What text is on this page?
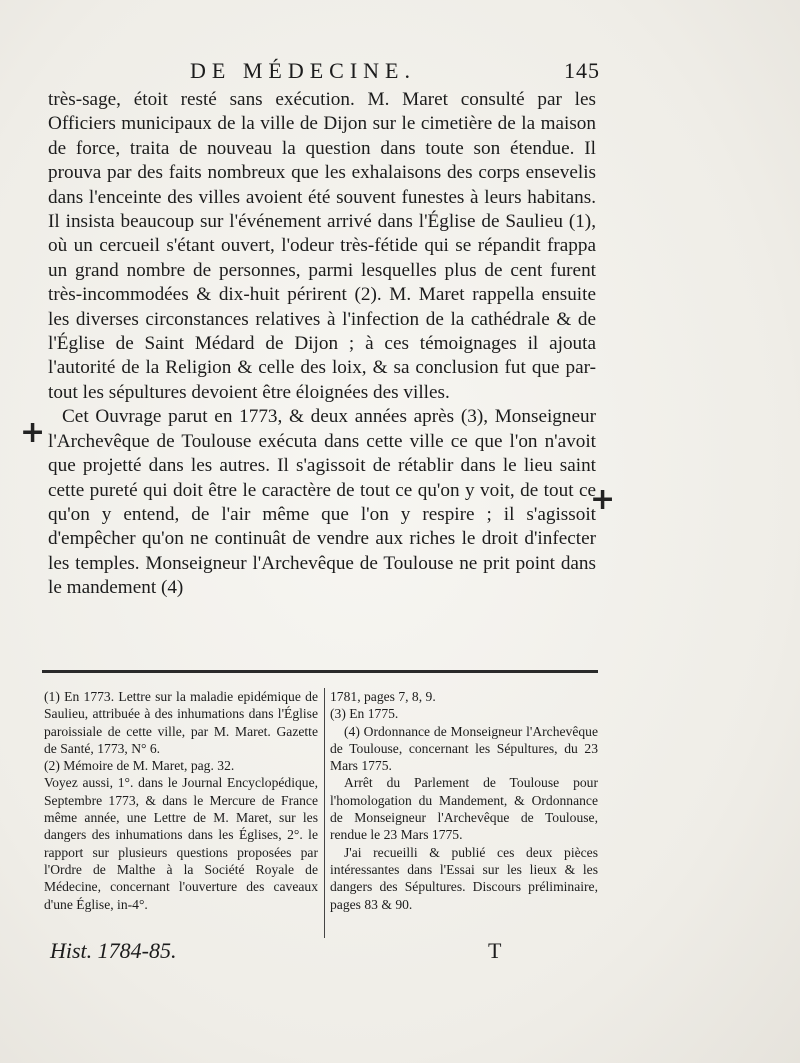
DE MÉDECINE.	145

très-sage, étoit resté sans exécution. M. Maret consulté par les Officiers municipaux de la ville de Dijon sur le cimetière de la maison de force, traita de nouveau la question dans toute son étendue. Il prouva par des faits nombreux que les exhalaisons des corps ensevelis dans l'enceinte des villes avoient été souvent funestes à leurs habitans. Il insista beaucoup sur l'événement arrivé dans l'Église de Saulieu (1), où un cercueil s'étant ouvert, l'odeur très-fétide qui se répandit frappa un grand nombre de personnes, parmi lesquelles plus de cent furent très-incommodées & dix-huit périrent (2). M. Maret rappella ensuite les diverses circonstances relatives à l'infection de la cathédrale & de l'Église de Saint Médard de Dijon ; à ces témoignages il ajouta l'autorité de la Religion & celle des loix, & sa conclusion fut que par-tout les sépultures devoient être éloignées des villes.

Cet Ouvrage parut en 1773, & deux années après (3), Monseigneur l'Archevêque de Toulouse exécuta dans cette ville ce que l'on n'avoit que projetté dans les autres. Il s'agissoit de rétablir dans le lieu saint cette pureté qui doit être le caractère de tout ce qu'on y voit, de tout ce qu'on y entend, de l'air même que l'on y respire ; il s'agissoit d'empêcher qu'on ne continuât de vendre aux riches le droit d'infecter les temples. Monseigneur l'Archevêque de Toulouse ne prit point dans le mandement (4)

+
+

(1) En 1773. Lettre sur la maladie epidémique de Saulieu, attribuée à des inhumations dans l'Église paroissiale de cette ville, par M. Maret. Gazette de Santé, 1773, N° 6.

(2) Mémoire de M. Maret, pag. 32.

Voyez aussi, 1°. dans le Journal Encyclopédique, Septembre 1773, & dans le Mercure de France même année, une Lettre de M. Maret, sur les dangers des inhumations dans les Églises, 2°. le rapport sur plusieurs questions proposées par l'Ordre de Malthe à la Société Royale de Médecine, concernant l'ouverture des caveaux d'une Église, in-4°.

1781, pages 7, 8, 9.

(3) En 1775.

(4) Ordonnance de Monseigneur l'Archevêque de Toulouse, concernant les Sépultures, du 23 Mars 1775.

Arrêt du Parlement de Toulouse pour l'homologation du Mandement, & Ordonnance de Monseigneur l'Archevêque de Toulouse, rendue le 23 Mars 1775.

J'ai recueilli & publié ces deux pièces intéressantes dans l'Essai sur les lieux & les dangers des Sépultures. Discours préliminaire, pages 83 & 90.

Hist. 1784-85.	T
